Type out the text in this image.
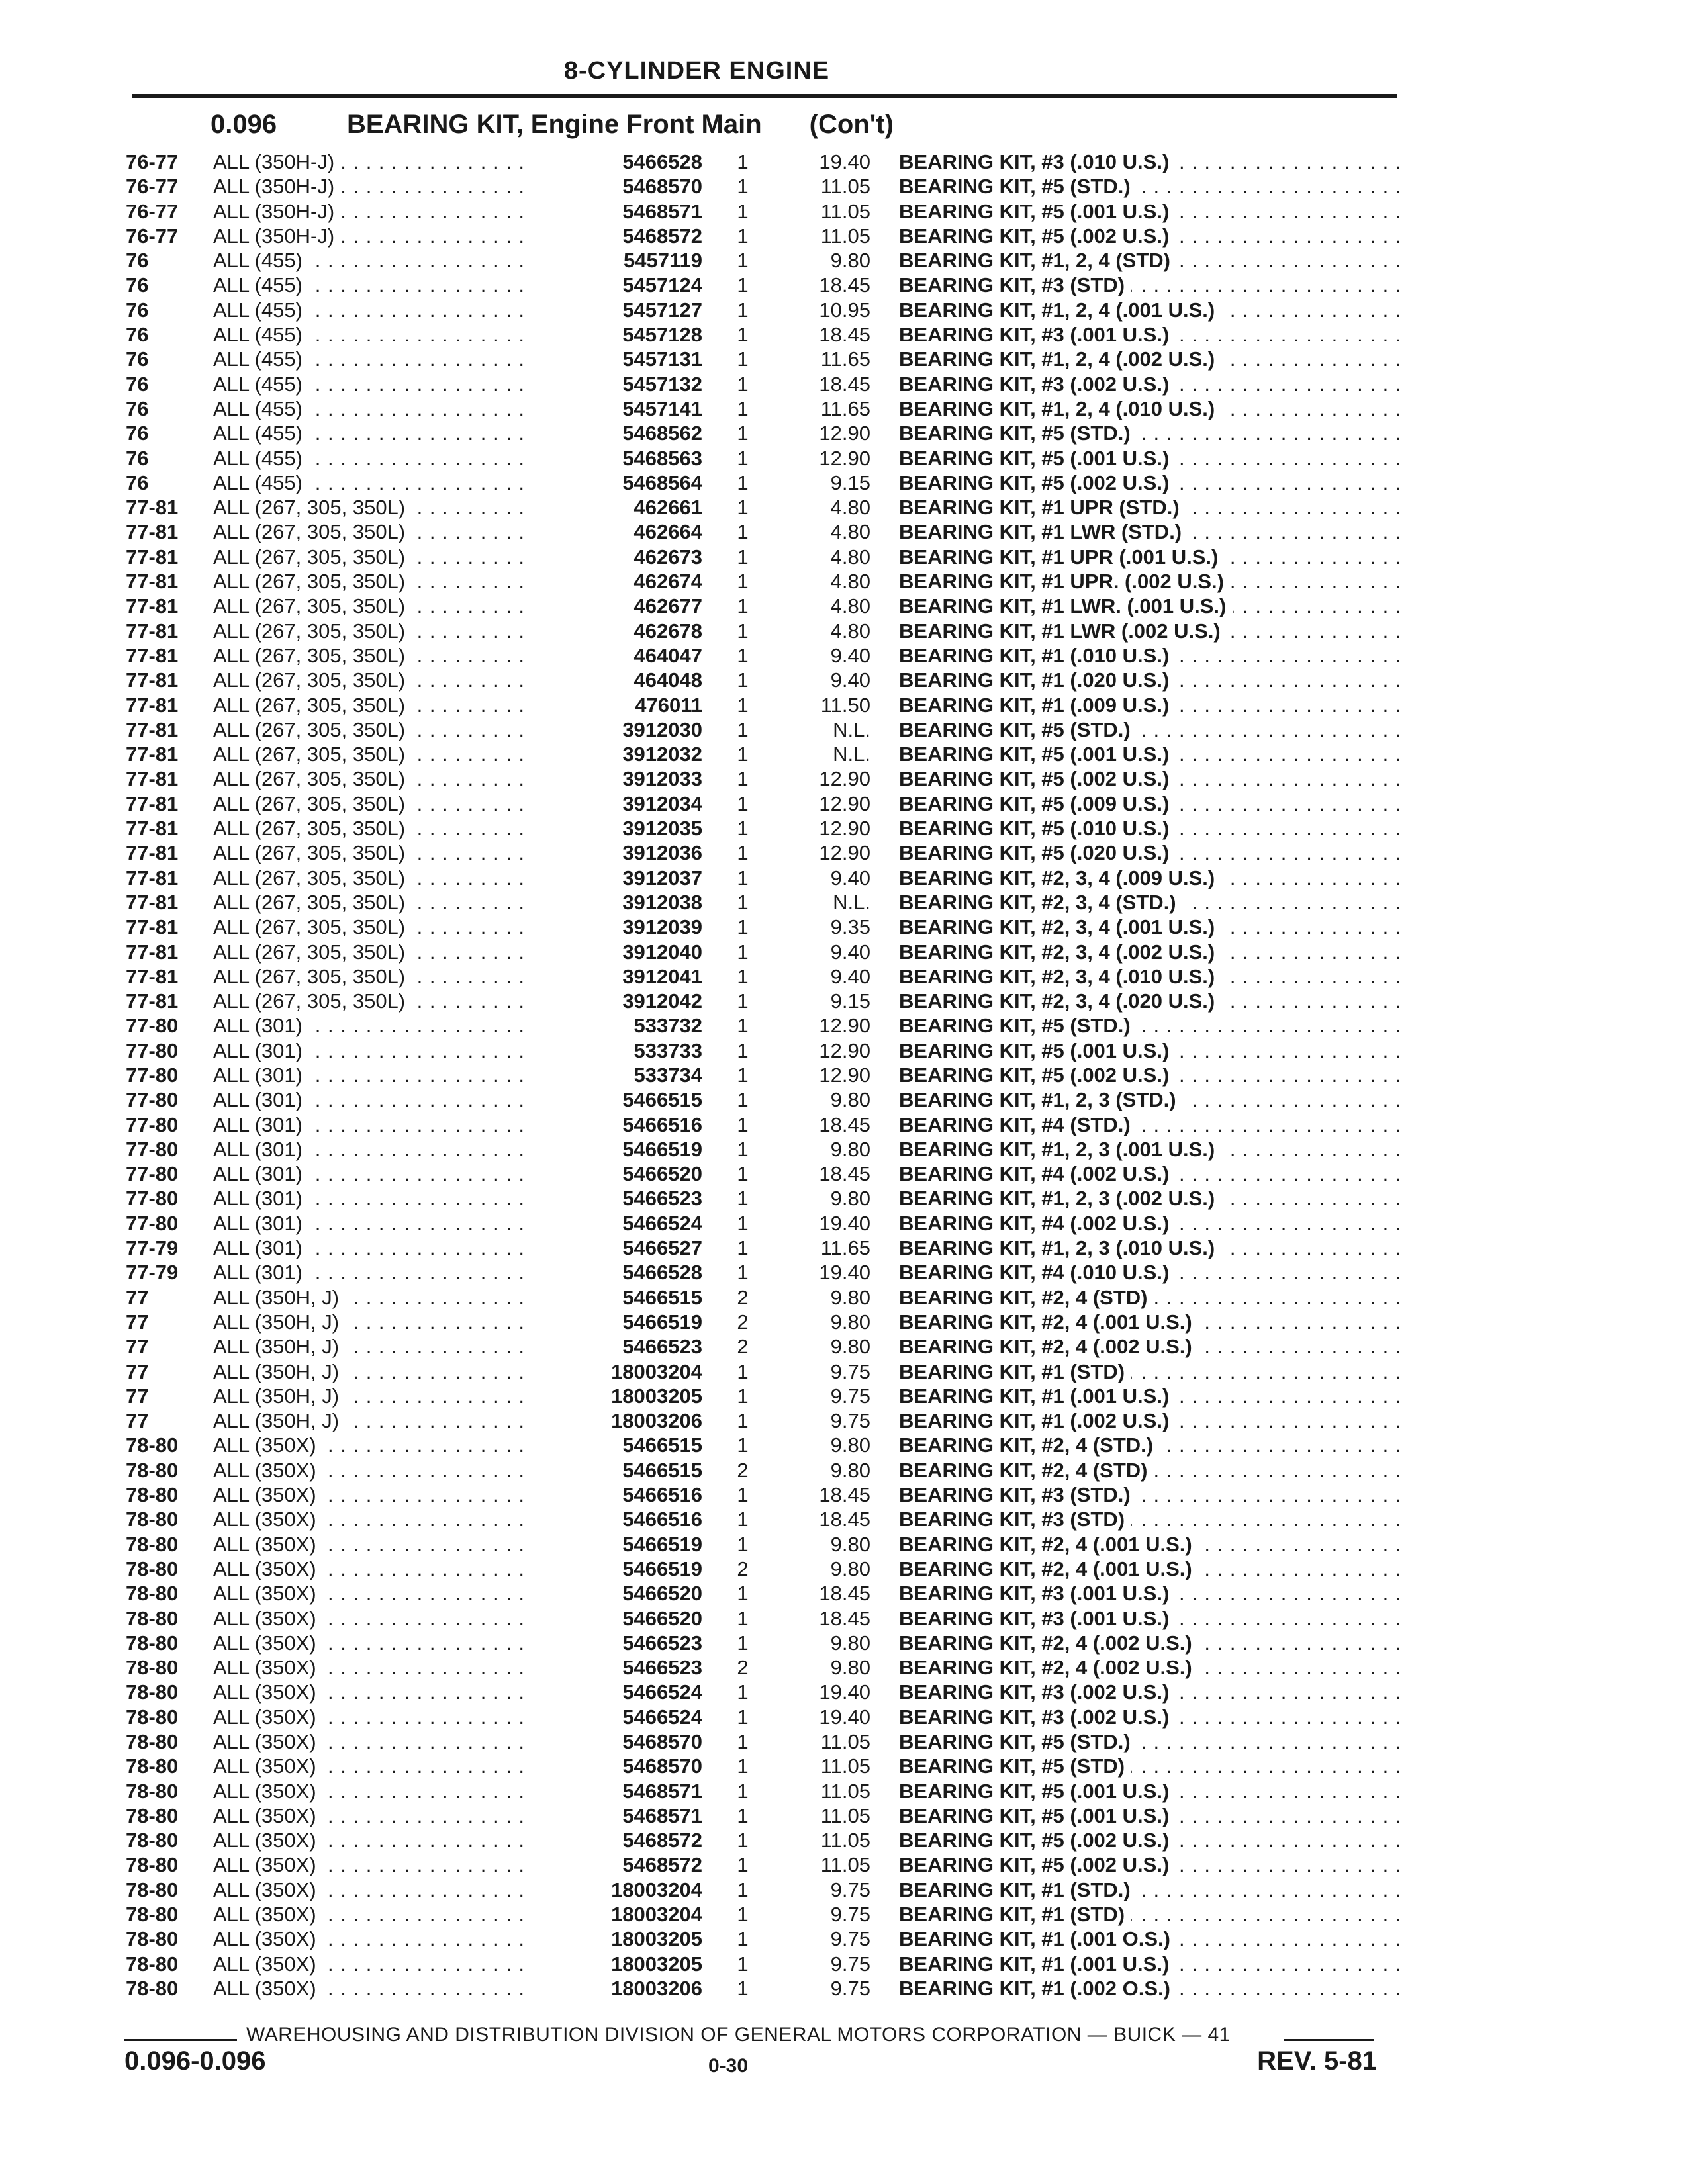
8-CYLINDER ENGINE
0.096	BEARING KIT, Engine Front Main (Con't)
76-77	ALL (350H-J) . . .	5466528	1	19.40 BEARING KIT, #3 (.010 U.S.) . . .
76-77	ALL (350H-J) . . .	5468570	1	11.05 BEARING KIT, #5 (STD.) . . .
76-77	ALL (350H-J) . . .	5468571	1	11.05 BEARING KIT, #5 (.001 U.S.) . . .
76-77	ALL (350H-J) . . .	5468572	1	11.05 BEARING KIT, #5 (.002 U.S.) . . .
76	ALL (455) . . .	5457119	1	9.80 BEARING KIT, #1, 2, 4 (STD) . . .
76	ALL (455) . . .	5457124	1	18.45 BEARING KIT, #3 (STD) . . .
76	ALL (455) . . .	5457127	1	10.95 BEARING KIT, #1, 2, 4 (.001 U.S.) . . .
76	ALL (455) . . .	5457128	1	18.45 BEARING KIT, #3 (.001 U.S.) . . .
76	ALL (455) . . .	5457131	1	11.65 BEARING KIT, #1, 2, 4 (.002 U.S.) . . .
76	ALL (455) . . .	5457132	1	18.45 BEARING KIT, #3 (.002 U.S.) . . .
76	ALL (455) . . .	5457141	1	11.65 BEARING KIT, #1, 2, 4 (.010 U.S.) . . .
76	ALL (455) . . .	5468562	1	12.90 BEARING KIT, #5 (STD.) . . .
76	ALL (455) . . .	5468563	1	12.90 BEARING KIT, #5 (.001 U.S.) . . .
76	ALL (455) . . .	5468564	1	9.15 BEARING KIT, #5 (.002 U.S.) . . .
77-81	ALL (267, 305, 350L) . . .	462661	1	4.80 BEARING KIT, #1 UPR (STD.) . . .
77-81	ALL (267, 305, 350L) . . .	462664	1	4.80 BEARING KIT, #1 LWR (STD.) . . .
77-81	ALL (267, 305, 350L) . . .	462673	1	4.80 BEARING KIT, #1 UPR (.001 U.S.) . . .
77-81	ALL (267, 305, 350L) . . .	462674	1	4.80 BEARING KIT, #1 UPR. (.002 U.S.) . . .
77-81	ALL (267, 305, 350L) . . .	462677	1	4.80 BEARING KIT, #1 LWR. (.001 U.S.) . . .
77-81	ALL (267, 305, 350L) . . .	462678	1	4.80 BEARING KIT, #1 LWR (.002 U.S.) . . .
77-81	ALL (267, 305, 350L) . . .	464047	1	9.40 BEARING KIT, #1 (.010 U.S.) . . .
77-81	ALL (267, 305, 350L) . . .	464048	1	9.40 BEARING KIT, #1 (.020 U.S.) . . .
77-81	ALL (267, 305, 350L) . . .	476011	1	11.50 BEARING KIT, #1 (.009 U.S.) . . .
77-81	ALL (267, 305, 350L) . . .	3912030	1	N.L. BEARING KIT, #5 (STD.) . . .
77-81	ALL (267, 305, 350L) . . .	3912032	1	N.L. BEARING KIT, #5 (.001 U.S.) . . .
77-81	ALL (267, 305, 350L) . . .	3912033	1	12.90 BEARING KIT, #5 (.002 U.S.) . . .
77-81	ALL (267, 305, 350L) . . .	3912034	1	12.90 BEARING KIT, #5 (.009 U.S.) . . .
77-81	ALL (267, 305, 350L) . . .	3912035	1	12.90 BEARING KIT, #5 (.010 U.S.) . . .
77-81	ALL (267, 305, 350L) . . .	3912036	1	12.90 BEARING KIT, #5 (.020 U.S.) . . .
77-81	ALL (267, 305, 350L) . . .	3912037	1	9.40 BEARING KIT, #2, 3, 4 (.009 U.S.) . . .
77-81	ALL (267, 305, 350L) . . .	3912038	1	N.L. BEARING KIT, #2, 3, 4 (STD.) . . .
77-81	ALL (267, 305, 350L) . . .	3912039	1	9.35 BEARING KIT, #2, 3, 4 (.001 U.S.) . . .
77-81	ALL (267, 305, 350L) . . .	3912040	1	9.40 BEARING KIT, #2, 3, 4 (.002 U.S.) . . .
77-81	ALL (267, 305, 350L) . . .	3912041	1	9.40 BEARING KIT, #2, 3, 4 (.010 U.S.) . . .
77-81	ALL (267, 305, 350L) . . .	3912042	1	9.15 BEARING KIT, #2, 3, 4 (.020 U.S.) . . .
77-80	ALL (301) . . .	533732	1	12.90 BEARING KIT, #5 (STD.) . . .
77-80	ALL (301) . . .	533733	1	12.90 BEARING KIT, #5 (.001 U.S.) . . .
77-80	ALL (301) . . .	533734	1	12.90 BEARING KIT, #5 (.002 U.S.) . . .
77-80	ALL (301) . . .	5466515	1	9.80 BEARING KIT, #1, 2, 3 (STD.) . . .
77-80	ALL (301) . . .	5466516	1	18.45 BEARING KIT, #4 (STD.) . . .
77-80	ALL (301) . . .	5466519	1	9.80 BEARING KIT, #1, 2, 3 (.001 U.S.) . . .
77-80	ALL (301) . . .	5466520	1	18.45 BEARING KIT, #4 (.002 U.S.) . . .
77-80	ALL (301) . . .	5466523	1	9.80 BEARING KIT, #1, 2, 3 (.002 U.S.) . . .
77-80	ALL (301) . . .	5466524	1	19.40 BEARING KIT, #4 (.002 U.S.) . . .
77-79	ALL (301) . . .	5466527	1	11.65 BEARING KIT, #1, 2, 3 (.010 U.S.) . . .
77-79	ALL (301) . . .	5466528	1	19.40 BEARING KIT, #4 (.010 U.S.) . . .
77	ALL (350H, J) . . .	5466515	2	9.80 BEARING KIT, #2, 4 (STD) . . .
77	ALL (350H, J) . . .	5466519	2	9.80 BEARING KIT, #2, 4 (.001 U.S.) . . .
77	ALL (350H, J) . . .	5466523	2	9.80 BEARING KIT, #2, 4 (.002 U.S.) . . .
77	ALL (350H, J) . . .	18003204	1	9.75 BEARING KIT, #1 (STD) . . .
77	ALL (350H, J) . . .	18003205	1	9.75 BEARING KIT, #1 (.001 U.S.) . . .
77	ALL (350H, J) . . .	18003206	1	9.75 BEARING KIT, #1 (.002 U.S.) . . .
78-80	ALL (350X) . . .	5466515	1	9.80 BEARING KIT, #2, 4 (STD.) . . .
78-80	ALL (350X) . . .	5466515	2	9.80 BEARING KIT, #2, 4 (STD) . . .
78-80	ALL (350X) . . .	5466516	1	18.45 BEARING KIT, #3 (STD.) . . .
78-80	ALL (350X) . . .	5466516	1	18.45 BEARING KIT, #3 (STD) . . .
78-80	ALL (350X) . . .	5466519	1	9.80 BEARING KIT, #2, 4 (.001 U.S.) . . .
78-80	ALL (350X) . . .	5466519	2	9.80 BEARING KIT, #2, 4 (.001 U.S.) . . .
78-80	ALL (350X) . . .	5466520	1	18.45 BEARING KIT, #3 (.001 U.S.) . . .
78-80	ALL (350X) . . .	5466520	1	18.45 BEARING KIT, #3 (.001 U.S.) . . .
78-80	ALL (350X) . . .	5466523	1	9.80 BEARING KIT, #2, 4 (.002 U.S.) . . .
78-80	ALL (350X) . . .	5466523	2	9.80 BEARING KIT, #2, 4 (.002 U.S.) . . .
78-80	ALL (350X) . . .	5466524	1	19.40 BEARING KIT, #3 (.002 U.S.) . . .
78-80	ALL (350X) . . .	5466524	1	19.40 BEARING KIT, #3 (.002 U.S.) . . .
78-80	ALL (350X) . . .	5468570	1	11.05 BEARING KIT, #5 (STD.) . . .
78-80	ALL (350X) . . .	5468570	1	11.05 BEARING KIT, #5 (STD) . . .
78-80	ALL (350X) . . .	5468571	1	11.05 BEARING KIT, #5 (.001 U.S.) . . .
78-80	ALL (350X) . . .	5468571	1	11.05 BEARING KIT, #5 (.001 U.S.) . . .
78-80	ALL (350X) . . .	5468572	1	11.05 BEARING KIT, #5 (.002 U.S.) . . .
78-80	ALL (350X) . . .	5468572	1	11.05 BEARING KIT, #5 (.002 U.S.) . . .
78-80	ALL (350X) . . .	18003204	1	9.75 BEARING KIT, #1 (STD.) . . .
78-80	ALL (350X) . . .	18003204	1	9.75 BEARING KIT, #1 (STD) . . .
78-80	ALL (350X) . . .	18003205	1	9.75 BEARING KIT, #1 (.001 O.S.) . . .
78-80	ALL (350X) . . .	18003205	1	9.75 BEARING KIT, #1 (.001 U.S.) . . .
78-80	ALL (350X) . . .	18003206	1	9.75 BEARING KIT, #1 (.002 O.S.) . . .
WAREHOUSING AND DISTRIBUTION DIVISION OF GENERAL MOTORS CORPORATION — BUICK — 41
0.096-0.096	0-30	REV. 5-81
